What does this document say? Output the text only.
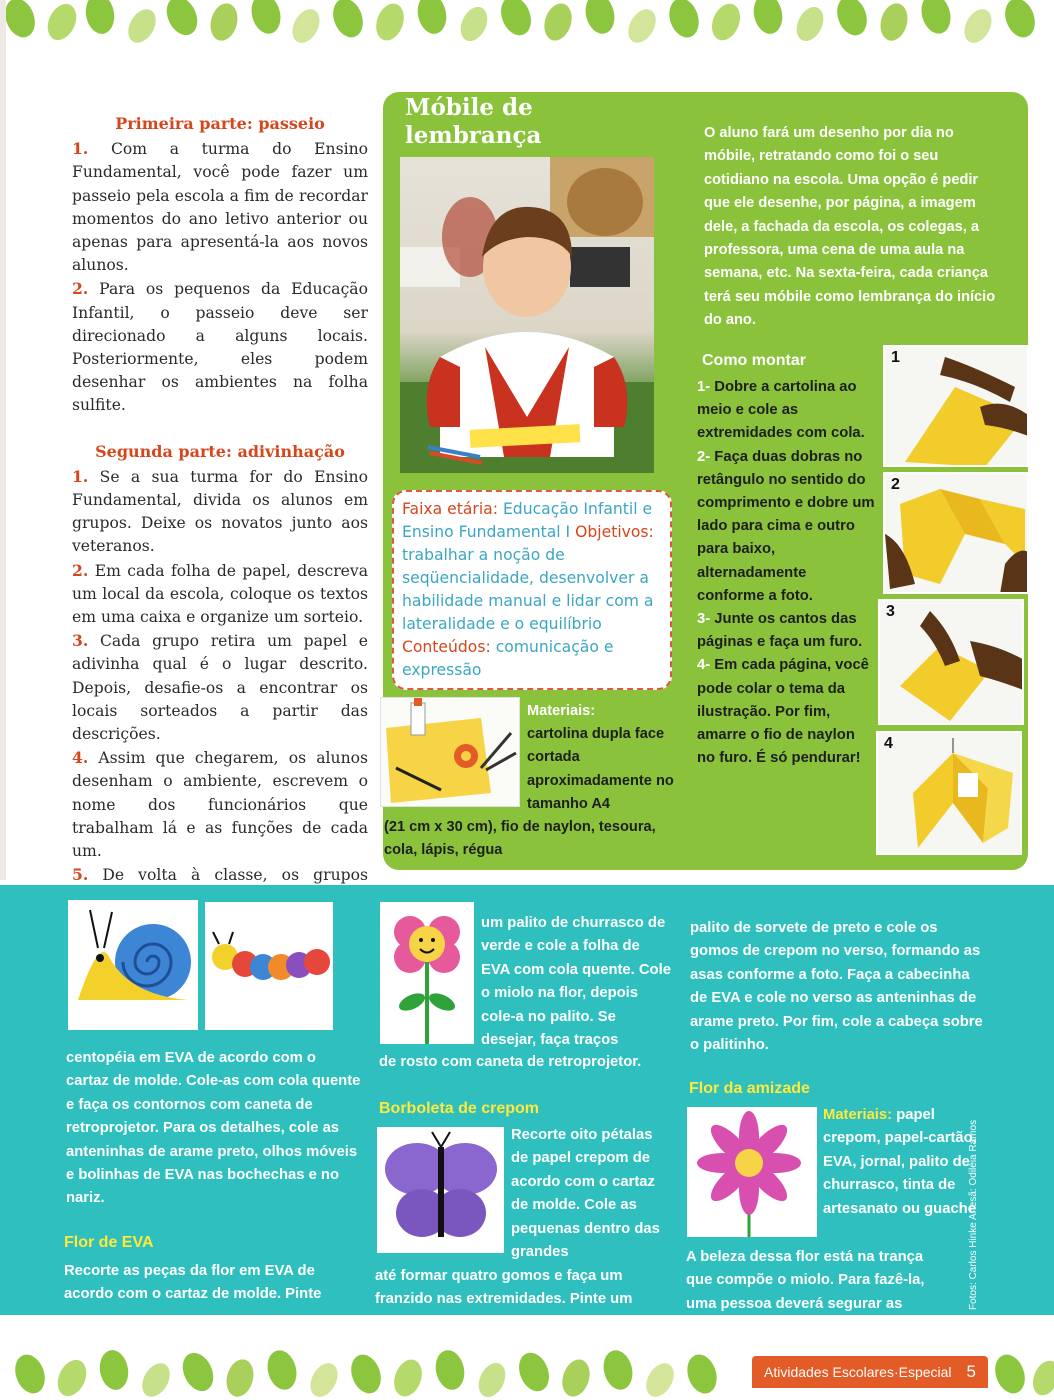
Primeira parte: passeio

1. Com a turma do Ensino Fundamental, você pode fazer um passeio pela escola a fim de recordar momentos do ano letivo anterior ou apenas para apresentá-la aos novos alunos.

2. Para os pequenos da Educação Infantil, o passeio deve ser direcionado a alguns locais. Posteriormente, eles podem desenhar os ambientes na folha sulfite.

Segunda parte: adivinhação

1. Se a sua turma for do Ensino Fundamental, divida os alunos em grupos. Deixe os novatos junto aos veteranos.

2. Em cada folha de papel, descreva um local da escola, coloque os textos em uma caixa e organize um sorteio.

3. Cada grupo retira um papel e adivinha qual é o lugar descrito. Depois, desafie-os a encontrar os locais sorteados a partir das descrições.

4. Assim que chegarem, os alunos desenham o ambiente, escrevem o nome dos funcionários que trabalham lá e as funções de cada um.

5. De volta à classe, os grupos

Móbile de
lembrança	O aluno fará um desenho por dia no móbile, retratando como foi o seu cotidiano na escola. Uma opção é pedir que ele desenhe, por página, a imagem dele, a fachada da escola, os colegas, a professora, uma cena de uma aula na semana, etc. Na sexta-feira, cada criança terá seu móbile como lembrança do início do ano.
Como montar

1- Dobre a cartolina ao meio e cole as extremidades com cola.

2- Faça duas dobras no retângulo no sentido do comprimento e dobre um lado para cima e outro para baixo, alternadamente conforme a foto.

3- Junte os cantos das páginas e faça um furo.

4- Em cada página, você pode colar o tema da ilustração. Por fim, amarre o fio de naylon no furo. É só pendurar!

1
2
3
4
Faixa etária: Educação Infantil e Ensino Fundamental I Objetivos: trabalhar a noção de seqüencialidade, desenvolver a habilidade manual e lidar com a lateralidade e o equilíbrio Conteúdos: comunicação e expressão
Materiais:
cartolina dupla face cortada aproximadamente no tamanho A4
(21 cm x 30 cm), fio de naylon, tesoura, cola, lápis, régua
centopéia em EVA de acordo com o cartaz de molde. Cole-as com cola quente e faça os contornos com caneta de retroprojetor. Para os detalhes, cole as anteninhas de arame preto, olhos móveis e bolinhas de EVA nas bochechas e no nariz.
Flor de EVA
Recorte as peças da flor em EVA de acordo com o cartaz de molde. Pinte
um palito de churrasco de verde e cole a folha de EVA com cola quente. Cole o miolo na flor, depois cole-a no palito. Se desejar, faça traços
de rosto com caneta de retroprojetor.
Borboleta de crepom
Recorte oito pétalas de papel crepom de acordo com o cartaz de molde. Cole as pequenas dentro das grandes
até formar quatro gomos e faça um franzido nas extremidades. Pinte um
palito de sorvete de preto e cole os gomos de crepom no verso, formando as asas conforme a foto. Faça a cabecinha de EVA e cole no verso as anteninhas de arame preto. Por fim, cole a cabeça sobre o palitinho.
Flor da amizade
Materiais: papel crepom, papel-cartão, EVA, jornal, palito de churrasco, tinta de artesanato ou guache
A beleza dessa flor está na trança que compõe o miolo. Para fazê-la, uma pessoa deverá segurar as	Fotos: Carlos Hinke Artesã: Odiléia Ramos
Atividades Escolares·Especial 5
